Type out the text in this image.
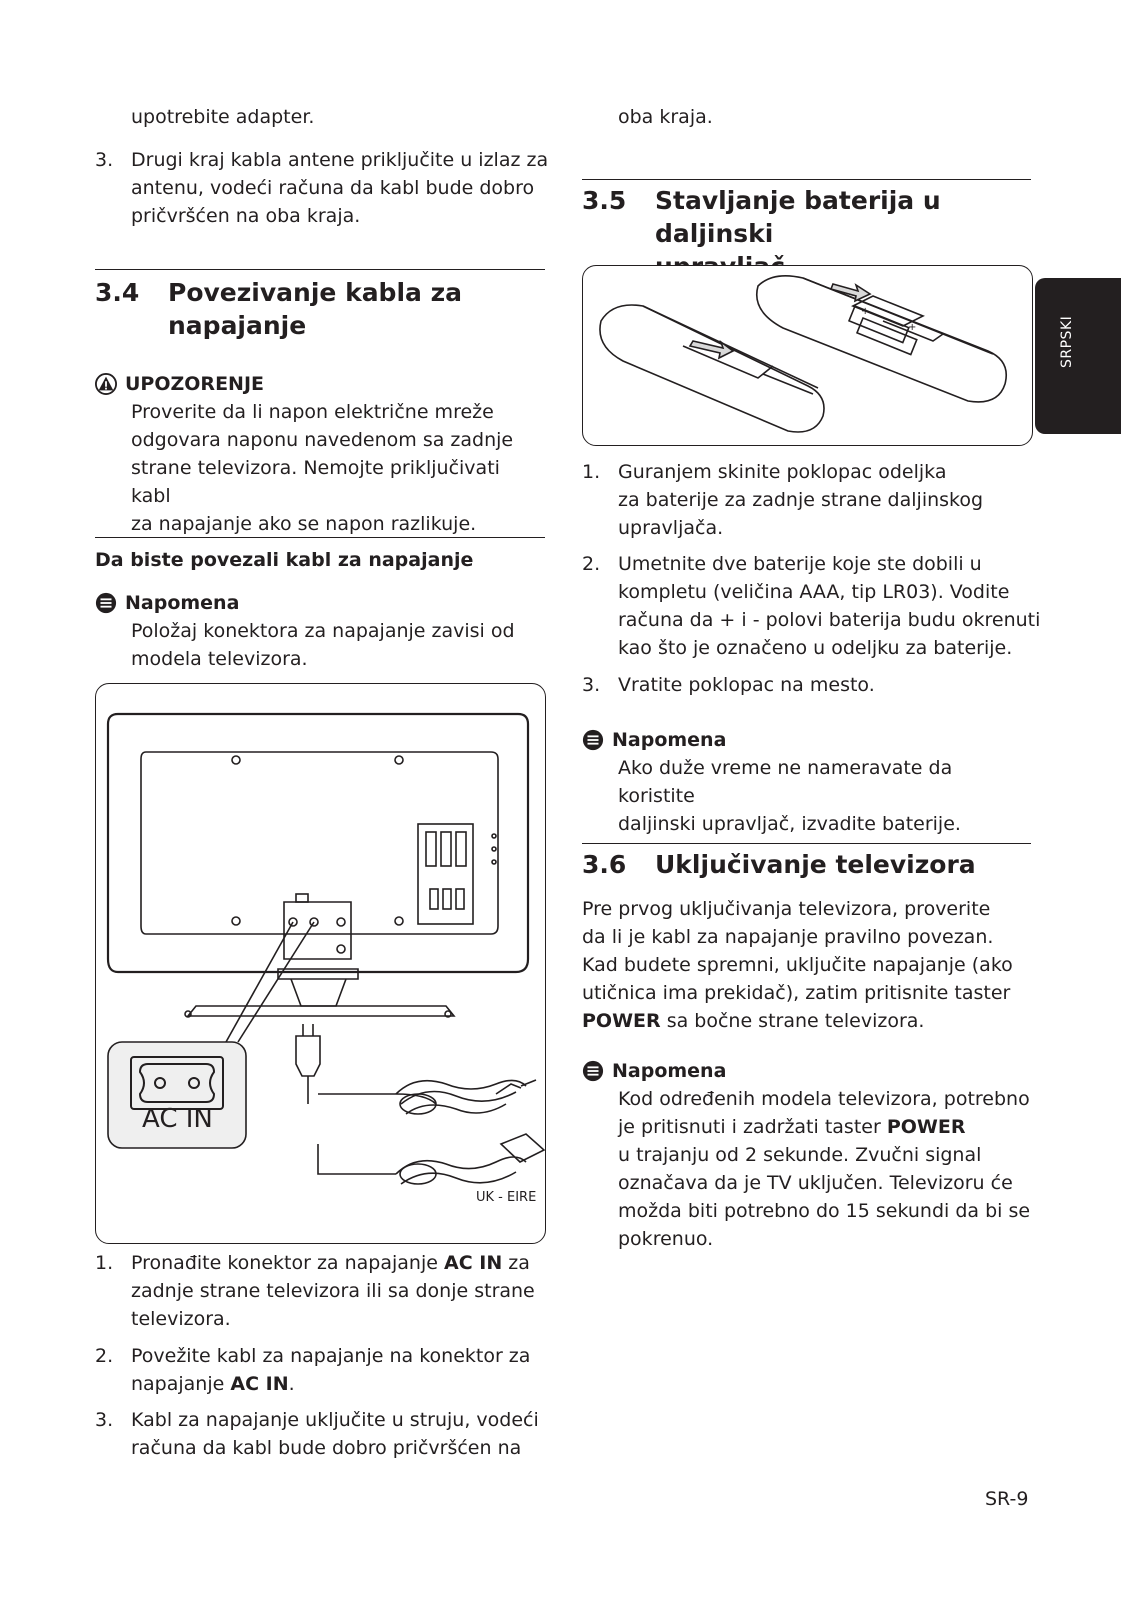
upotrebite adapter.
3. Drugi kraj kabla antene priključite u izlaz za
antenu, vodeći računa da kabl bude dobro
pričvršćen na oba kraja.
3.4	Povezivanje kabla za
napajanje
UPOZORENJE
Proverite da li napon električne mreže
odgovara naponu navedenom sa zadnje
strane televizora. Nemojte priključivati kabl
za napajanje ako se napon razlikuje.
Da biste povezali kabl za napajanje
Napomena
Položaj konektora za napajanje zavisi od
modela televizora.
AC IN
UK - EIRE
1. Pronađite konektor za napajanje AC IN za
zadnje strane televizora ili sa donje strane
televizora.
2. Povežite kabl za napajanje na konektor za
napajanje AC IN.
3. Kabl za napajanje uključite u struju, vodeći
računa da kabl bude dobro pričvršćen na
oba kraja.
3.5	Stavljanje baterija u daljinski
+
+
1. Guranjem skinite poklopac odeljka
za baterije za zadnje strane daljinskog
upravljača.
2. Umetnite dve baterije koje ste dobili u
kompletu (veličina AAA, tip LR03). Vodite
računa da + i - polovi baterija budu okrenuti
kao što je označeno u odeljku za baterije.
3. Vratite poklopac na mesto.
Napomena
Ako duže vreme ne nameravate da koristite
daljinski upravljač, izvadite baterije.
3.6	Uključivanje televizora
Pre prvog uključivanja televizora, proverite
da li je kabl za napajanje pravilno povezan.
Kad budete spremni, uključite napajanje (ako
utičnica ima prekidač), zatim pritisnite taster
POWER sa bočne strane televizora.
Napomena
Kod određenih modela televizora, potrebno
je pritisnuti i zadržati taster POWER
u trajanju od 2 sekunde. Zvučni signal
označava da je TV uključen. Televizoru će
možda biti potrebno do 15 sekundi da bi se
pokrenuo.
SRPSKI
SR-9
